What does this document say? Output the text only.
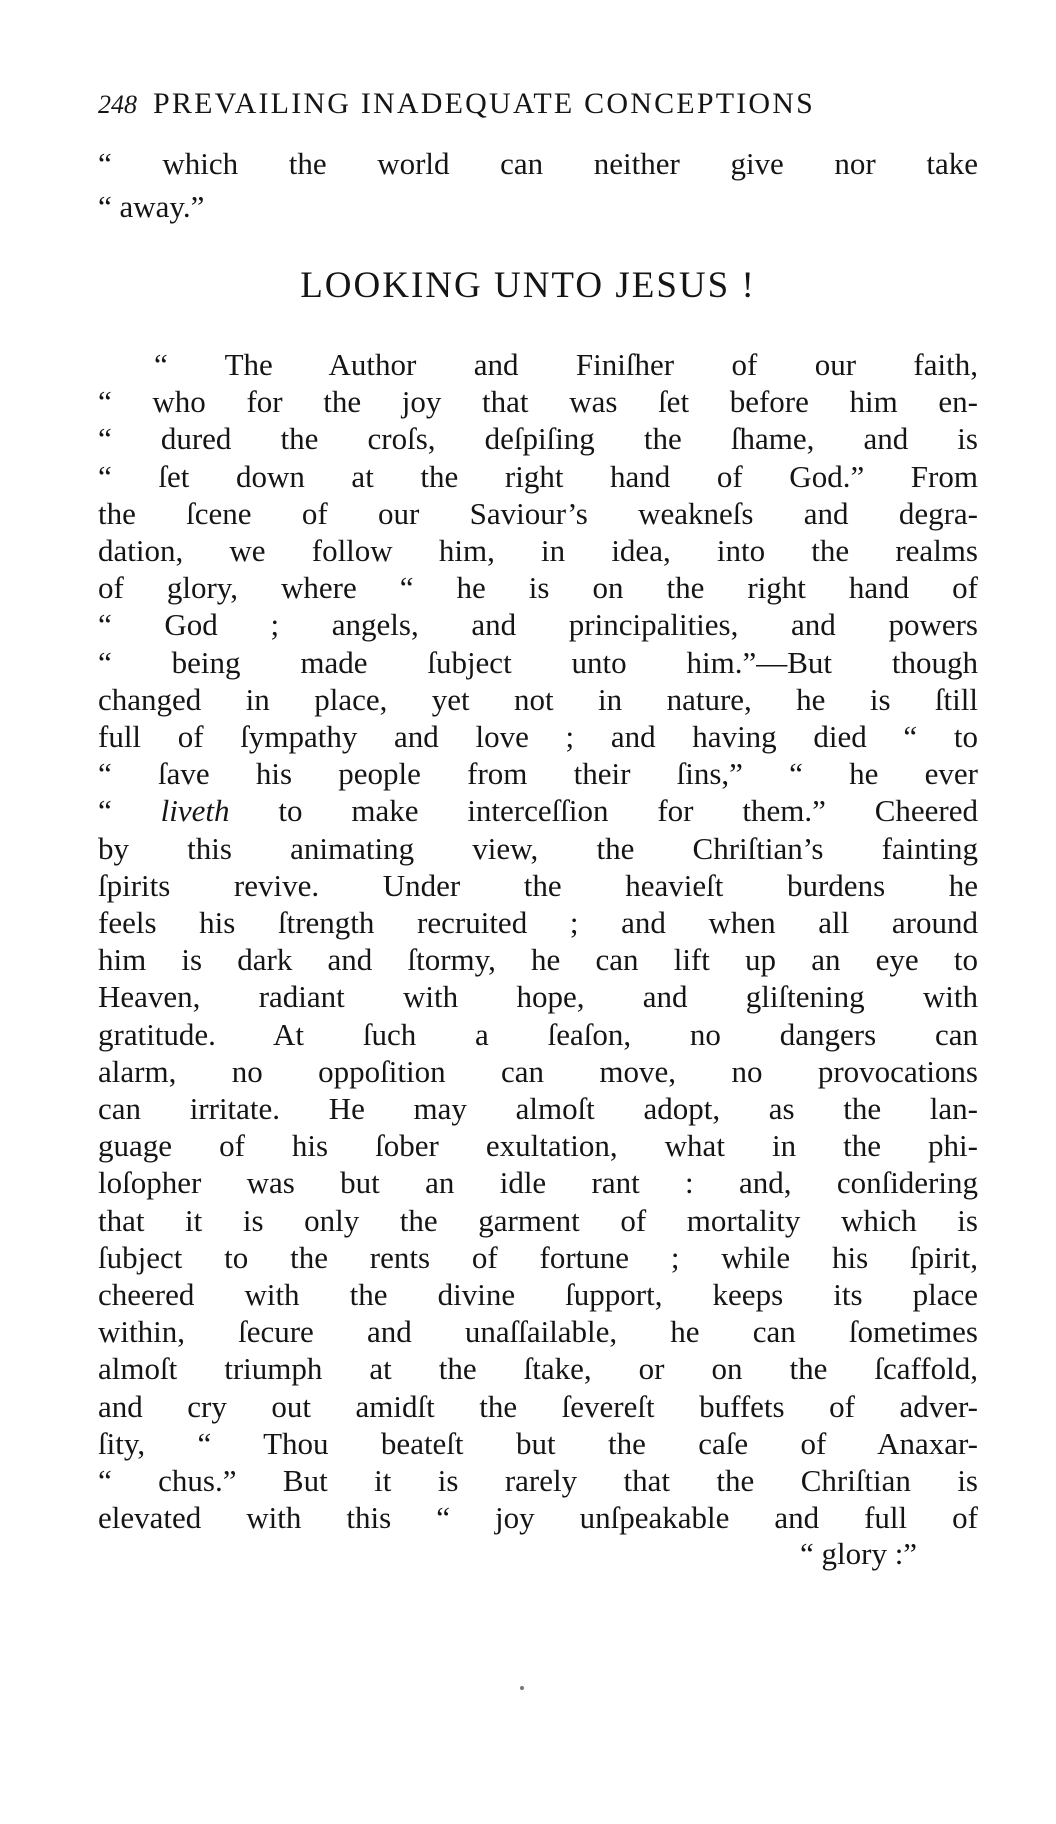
248 PREVAILING INADEQUATE CONCEPTIONS
“ which the world can neither give nor take
“ away.”
LOOKING UNTO JESUS !
“ The Author and Finiſher of our faith,
“ who for the joy that was ſet before him en-
“ dured the croſs, deſpiſing the ſhame, and is
“ ſet down at the right hand of God.” From
the ſcene of our Saviour’s weakneſs and degra-
dation, we follow him, in idea, into the realms
of glory, where “ he is on the right hand of
“ God ; angels, and principalities, and powers
“ being made ſubject unto him.”—But though
changed in place, yet not in nature, he is ſtill
full of ſympathy and love ; and having died “ to
“ ſave his people from their ſins,” “ he ever
“ liveth to make interceſſion for them.” Cheered
by this animating view, the Chriſtian’s fainting
ſpirits revive. Under the heavieſt burdens he
feels his ſtrength recruited ; and when all around
him is dark and ſtormy, he can lift up an eye to
Heaven, radiant with hope, and gliſtening with
gratitude. At ſuch a ſeaſon, no dangers can
alarm, no oppoſition can move, no provocations
can irritate. He may almoſt adopt, as the lan-
guage of his ſober exultation, what in the phi-
loſopher was but an idle rant : and, conſidering
that it is only the garment of mortality which is
ſubject to the rents of fortune ; while his ſpirit,
cheered with the divine ſupport, keeps its place
within, ſecure and unaſſailable, he can ſometimes
almoſt triumph at the ſtake, or on the ſcaffold,
and cry out amidſt the ſevereſt buffets of adver-
ſity, “ Thou beateſt but the caſe of Anaxar-
“ chus.” But it is rarely that the Chriſtian is
elevated with this “ joy unſpeakable and full of
“ glory :”
